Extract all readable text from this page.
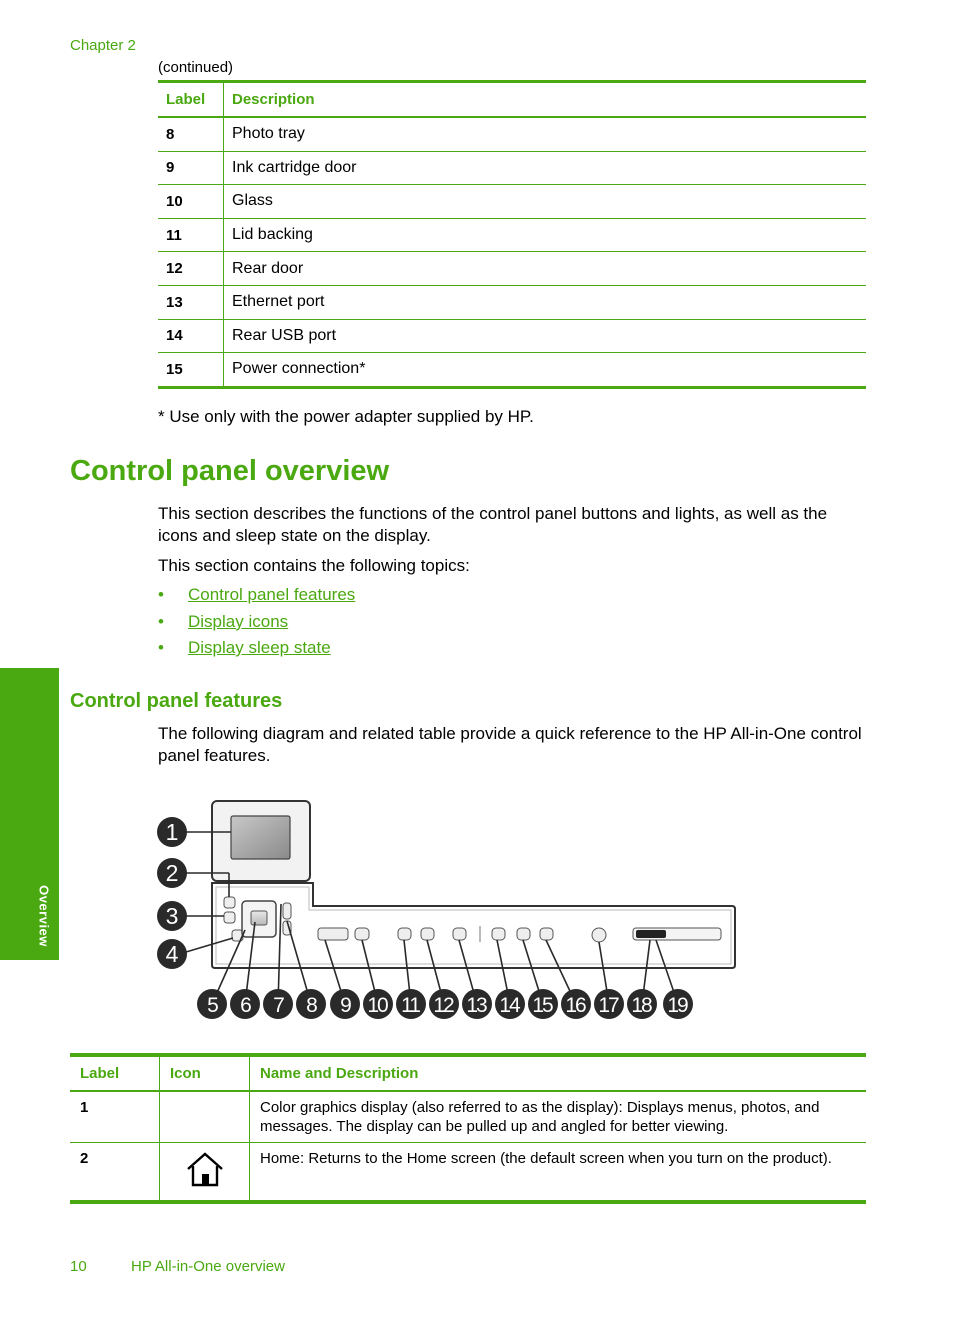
Chapter 2
(continued)
Label	Description
8	Photo tray
9	Ink cartridge door
10	Glass
11	Lid backing
12	Rear door
13	Ethernet port
14	Rear USB port
15	Power connection*
* Use only with the power adapter supplied by HP.
Control panel overview

This section describes the functions of the control panel buttons and lights, as well as the icons and sleep state on the display.

This section contains the following topics:

• Control panel features
• Display icons
• Display sleep state
Control panel features

The following diagram and related table provide a quick reference to the HP All-in-One control panel features.

Overview
1
2
3
4
5 6 7 8 9 10 11 12 13 14 15 16 17 18 19
Label	Icon	Name and Description
1		Color graphics display (also referred to as the display): Displays menus, photos, and messages. The display can be pulled up and angled for better viewing.
2		Home: Returns to the Home screen (the default screen when you turn on the product).
10	HP All-in-One overview
